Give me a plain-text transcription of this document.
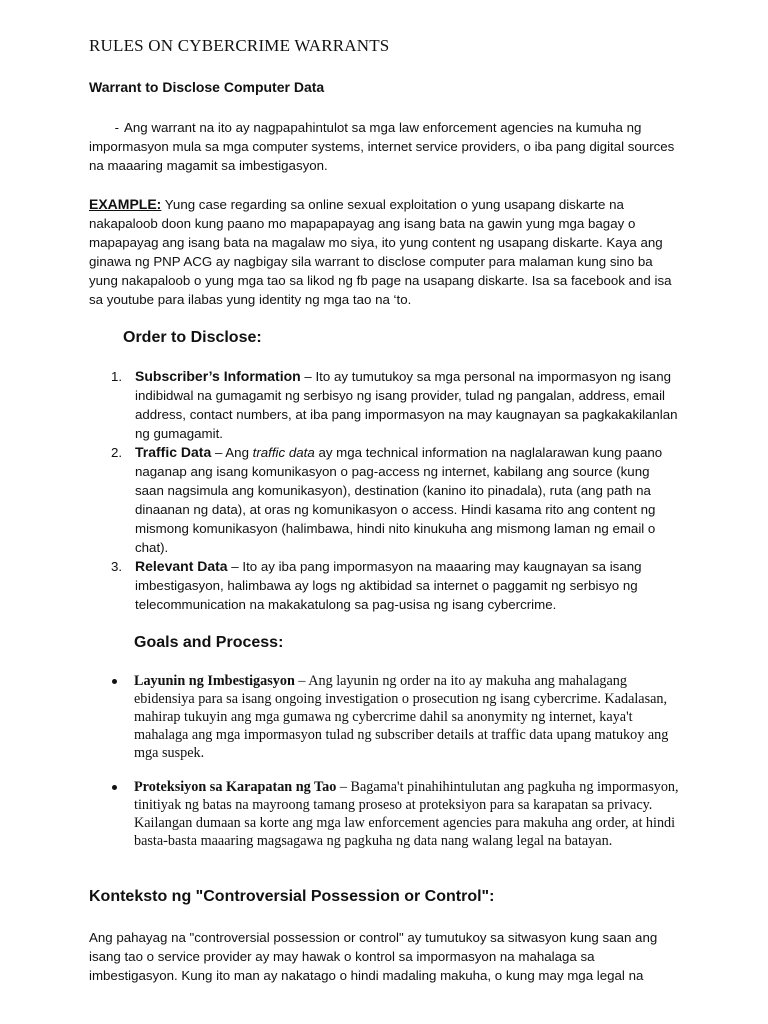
RULES ON CYBERCRIME WARRANTS
Warrant to Disclose Computer Data

- Ang warrant na ito ay nagpapahintulot sa mga law enforcement agencies na kumuha ng impormasyon mula sa mga computer systems, internet service providers, o iba pang digital sources na maaaring magamit sa imbestigasyon.

EXAMPLE: Yung case regarding sa online sexual exploitation o yung usapang diskarte na nakapaloob doon kung paano mo mapapapayag ang isang bata na gawin yung mga bagay o mapapayag ang isang bata na magalaw mo siya, ito yung content ng usapang diskarte. Kaya ang ginawa ng PNP ACG ay nagbigay sila warrant to disclose computer para malaman kung sino ba yung nakapaloob o yung mga tao sa likod ng fb page na usapang diskarte. Isa sa facebook and isa sa youtube para ilabas yung identity ng mga tao na ‘to.

Order to Disclose:
1. Subscriber’s Information – Ito ay tumutukoy sa mga personal na impormasyon ng isang indibidwal na gumagamit ng serbisyo ng isang provider, tulad ng pangalan, address, email address, contact numbers, at iba pang impormasyon na may kaugnayan sa pagkakakilanlan ng gumagamit.
2. Traffic Data – Ang traffic data ay mga technical information na naglalarawan kung paano naganap ang isang komunikasyon o pag-access ng internet, kabilang ang source (kung saan nagsimula ang komunikasyon), destination (kanino ito pinadala), ruta (ang path na dinaanan ng data), at oras ng komunikasyon o access. Hindi kasama rito ang content ng mismong komunikasyon (halimbawa, hindi nito kinukuha ang mismong laman ng email o chat).
3. Relevant Data – Ito ay iba pang impormasyon na maaaring may kaugnayan sa isang imbestigasyon, halimbawa ay logs ng aktibidad sa internet o paggamit ng serbisyo ng telecommunication na makakatulong sa pag-usisa ng isang cybercrime.
Goals and Process:
Layunin ng Imbestigasyon – Ang layunin ng order na ito ay makuha ang mahalagang ebidensiya para sa isang ongoing investigation o prosecution ng isang cybercrime. Kadalasan, mahirap tukuyin ang mga gumawa ng cybercrime dahil sa anonymity ng internet, kaya't mahalaga ang mga impormasyon tulad ng subscriber details at traffic data upang matukoy ang mga suspek.
Proteksiyon sa Karapatan ng Tao – Bagama't pinahihintulutan ang pagkuha ng impormasyon, tinitiyak ng batas na mayroong tamang proseso at proteksiyon para sa karapatan sa privacy. Kailangan dumaan sa korte ang mga law enforcement agencies para makuha ang order, at hindi basta-basta maaaring magsagawa ng pagkuha ng data nang walang legal na batayan.
Konteksto ng "Controversial Possession or Control":

Ang pahayag na "controversial possession or control" ay tumutukoy sa sitwasyon kung saan ang isang tao o service provider ay may hawak o kontrol sa impormasyon na mahalaga sa imbestigasyon. Kung ito man ay nakatago o hindi madaling makuha, o kung may mga legal na
